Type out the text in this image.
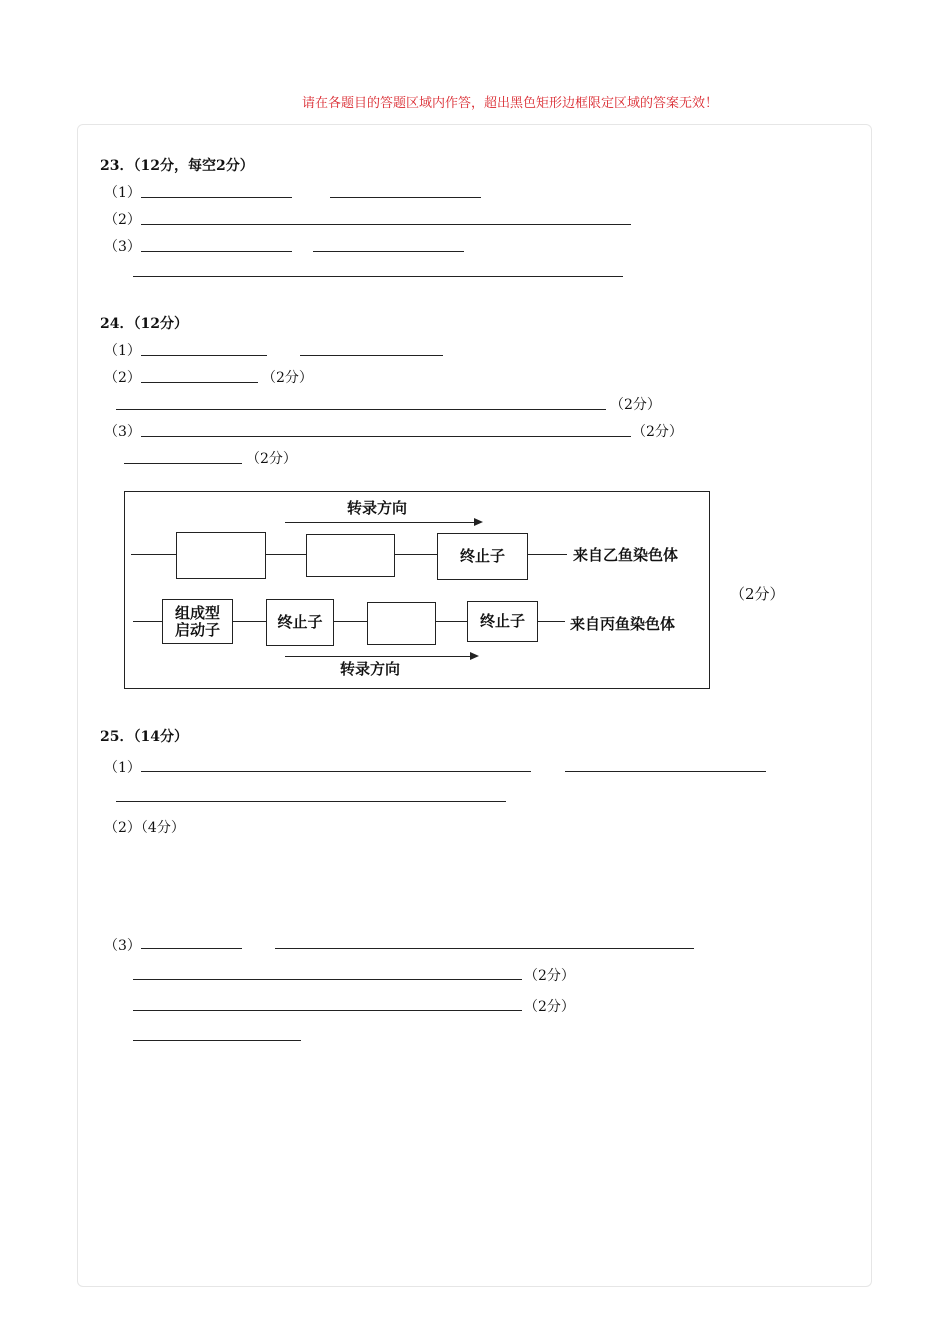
请在各题目的答题区域内作答，超出黑色矩形边框限定区域的答案无效！
23．（12分，每空2分）
（1）
（2）
（3）
24．（12分）
（1）
（2）	（2分）
（2分）
（3）	（2分）
（2分）
转录方向
终止子	来自乙鱼染色体
组成型
启动子	终止子	终止子	来自丙鱼染色体
转录方向
（2分）
25．（14分）
（1）
（2）（4分）
（3）
（2分）
（2分）
